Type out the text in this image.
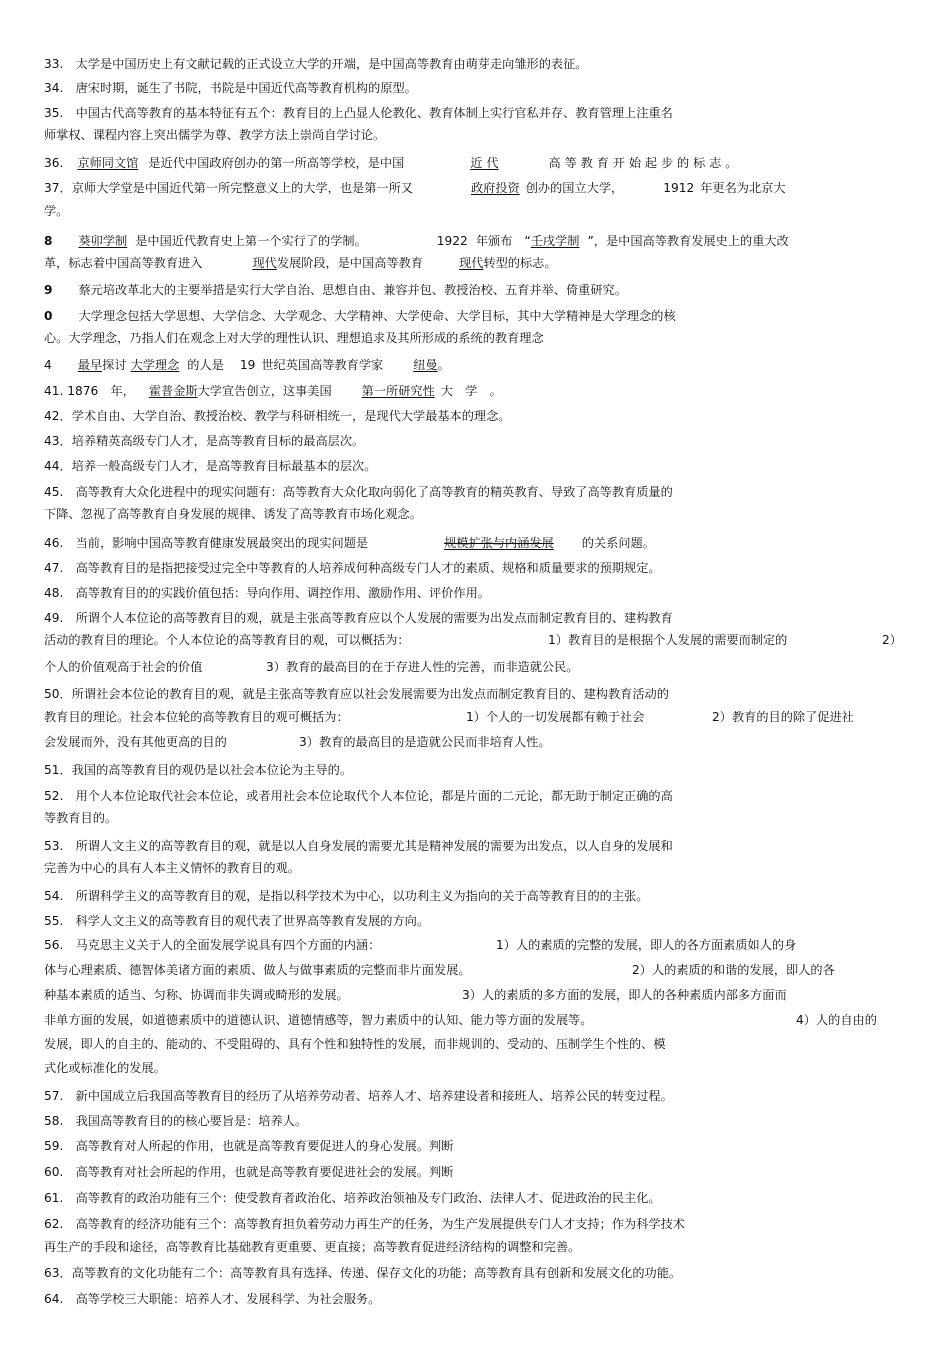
33.　太学是中国历史上有文献记载的正式设立大学的开端，是中国高等教育由萌芽走向雏形的表征。
34.　唐宋时期，诞生了书院，书院是中国近代高等教育机构的原型。
35.　中国古代高等教育的基本特征有五个：教育目的上凸显人伦教化、教育体制上实行官私并存、教育管理上注重名
师掌权、课程内容上突出儒学为尊、教学方法上崇尚自学讨论。
36. 京师同文馆 是近代中国政府创办的第一所高等学校，是中国	近 代	高 等 教 育 开 始 起 步 的 标 志 。
37．京师大学堂是中国近代第一所完整意义上的大学，也是第一所又	政府投资 创办的国立大学，	1912 年更名为北京大
学。
8 葵卯学制 是中国近代教育史上第一个实行了的学制。	1922 年颁布 “壬戌学制 ”，是中国高等教育发展史上的重大改
革，标志着中国高等教育进入	现代发展阶段，是中国高等教育	现代转型的标志。
9 蔡元培改革北大的主要举措是实行大学自治、思想自由、兼容并包、教授治校、五育并举、倚重研究。
0 大学理念包括大学思想、大学信念、大学观念、大学精神、大学使命、大学目标，其中大学精神是大学理念的核
心。大学理念，乃指人们在观念上对大学的理性认识、理想追求及其所形成的系统的教育理念
4 最早探讨 大学理念 的人是 19 世纪英国高等教育学家 纽曼。
41. 1876　年， 霍普金斯大学宣告创立，这事美国 第一所研究性 大　学　。
42．学术自由、大学自治、教授治校、教学与科研相统一，是现代大学最基本的理念。
43．培养精英高级专门人才，是高等教育目标的最高层次。
44．培养一般高级专门人才，是高等教育目标最基本的层次。
45.　高等教育大众化进程中的现实问题有：高等教育大众化取向弱化了高等教育的精英教育、导致了高等教育质量的
下降、忽视了高等教育自身发展的规律、诱发了高等教育市场化观念。
46.　当前，影响中国高等教育健康发展最突出的现实问题是	规模扩张与内涵发展 的关系问题。
47.　高等教育目的是指把接受过完全中等教育的人培养成何种高级专门人才的素质、规格和质量要求的预期规定。
48.　高等教育目的的实践价值包括：导向作用、调控作用、激励作用、评价作用。
49.　所谓个人本位论的高等教育目的观，就是主张高等教育应以个人发展的需要为出发点而制定教育目的、建构教育
活动的教育目的理论。个人本位论的高等教育目的观，可以概括为：	1）教育目的是根据个人发展的需要而制定的	2）
个人的价值观高于社会的价值	3）教育的最高目的在于存进人性的完善，而非造就公民。
50．所谓社会本位论的教育目的观，就是主张高等教育应以社会发展需要为出发点而制定教育目的、建构教育活动的
教育目的理论。社会本位轮的高等教育目的观可概括为：	1）个人的一切发展都有赖于社会	2）教育的目的除了促进社
会发展而外，没有其他更高的目的	3）教育的最高目的是造就公民而非培育人性。
51．我国的高等教育目的观仍是以社会本位论为主导的。
52.　用个人本位论取代社会本位论，或者用社会本位论取代个人本位论，都是片面的二元论，都无助于制定正确的高
等教育目的。
53.　所谓人文主义的高等教育目的观，就是以人自身发展的需要尤其是精神发展的需要为出发点，以人自身的发展和
完善为中心的具有人本主义情怀的教育目的观。
54.　所谓科学主义的高等教育目的观，是指以科学技术为中心，以功利主义为指向的关于高等教育目的的主张。
55.　科学人文主义的高等教育目的观代表了世界高等教育发展的方向。
56.　马克思主义关于人的全面发展学说具有四个方面的内涵：	1）人的素质的完整的发展，即人的各方面素质如人的身
体与心理素质、德智体美诸方面的素质、做人与做事素质的完整而非片面发展。	2）人的素质的和谐的发展，即人的各
种基本素质的适当、匀称、协调而非失调或畸形的发展。	3）人的素质的多方面的发展，即人的各种素质内部多方面而
非单方面的发展，如道德素质中的道德认识、道德情感等，智力素质中的认知、能力等方面的发展等。	4）人的自由的
发展，即人的自主的、能动的、不受阻碍的、具有个性和独特性的发展，而非规训的、受动的、压制学生个性的、模
式化或标准化的发展。
57.　新中国成立后我国高等教育目的经历了从培养劳动者、培养人才、培养建设者和接班人、培养公民的转变过程。
58.　我国高等教育目的的核心要旨是：培养人。
59.　高等教育对人所起的作用，也就是高等教育要促进人的身心发展。判断
60.　高等教育对社会所起的作用，也就是高等教育要促进社会的发展。判断
61.　高等教育的政治功能有三个：使受教育者政治化、培养政治领袖及专门政治、法律人才、促进政治的民主化。
62.　高等教育的经济功能有三个：高等教育担负着劳动力再生产的任务，为生产发展提供专门人才支持；作为科学技术
再生产的手段和途径，高等教育比基础教育更重要、更直接；高等教育促进经济结构的调整和完善。
63．高等教育的文化功能有二个：高等教育具有选择、传递、保存文化的功能；高等教育具有创新和发展文化的功能。
64.　高等学校三大职能：培养人才、发展科学、为社会服务。
